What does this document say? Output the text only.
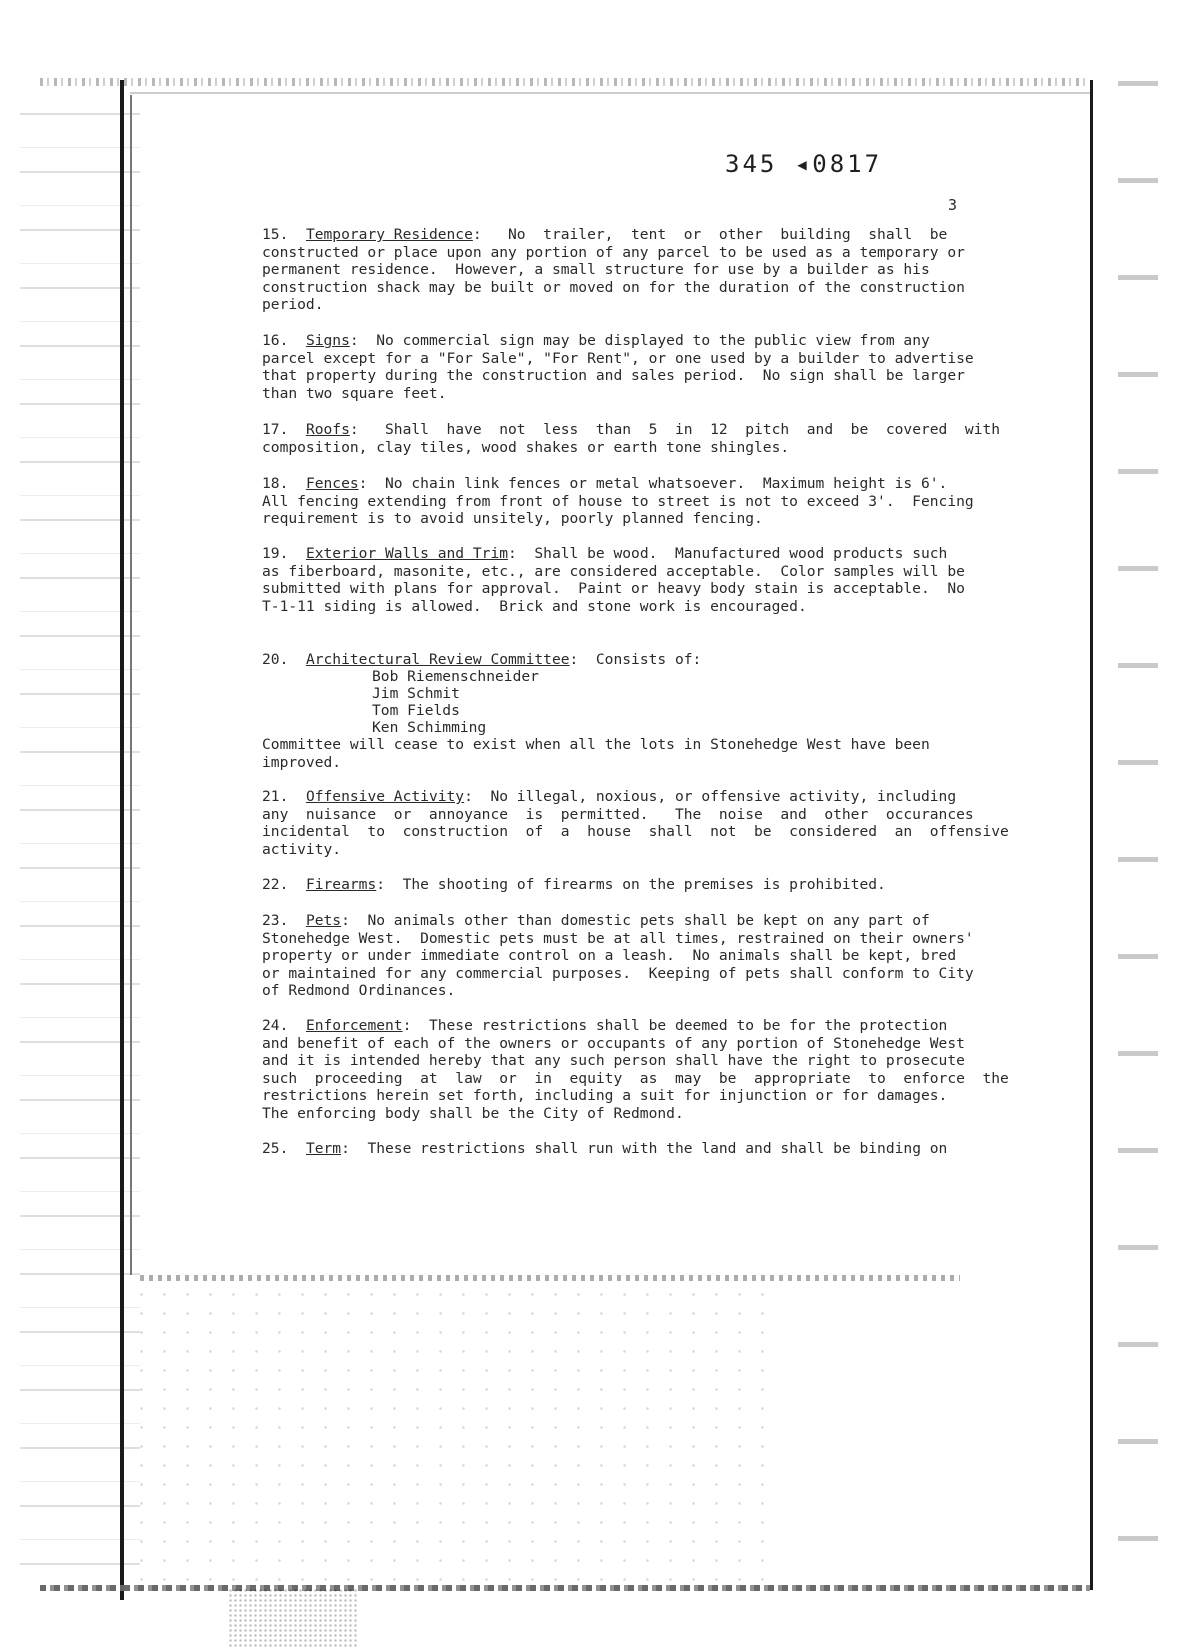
345 ◂0817
3
15. Temporary Residence:   No  trailer,  tent  or  other  building  shall  be
constructed or place upon any portion of any parcel to be used as a temporary or
permanent residence.  However, a small structure for use by a builder as his
construction shack may be built or moved on for the duration of the construction
period.
16. Signs:  No commercial sign may be displayed to the public view from any
parcel except for a "For Sale", "For Rent", or one used by a builder to advertise
that property during the construction and sales period.  No sign shall be larger
than two square feet.
17. Roofs:   Shall  have  not  less  than  5  in  12  pitch  and  be  covered  with
composition, clay tiles, wood shakes or earth tone shingles.
18. Fences:  No chain link fences or metal whatsoever.  Maximum height is 6'.
All fencing extending from front of house to street is not to exceed 3'.  Fencing
requirement is to avoid unsitely, poorly planned fencing.
19. Exterior Walls and Trim:  Shall be wood.  Manufactured wood products such
as fiberboard, masonite, etc., are considered acceptable.  Color samples will be
submitted with plans for approval.  Paint or heavy body stain is acceptable.  No
T-1-11 siding is allowed.  Brick and stone work is encouraged.
20. Architectural Review Committee:  Consists of:
Bob Riemenschneider
Jim Schmit
Tom Fields
Ken Schimming
Committee will cease to exist when all the lots in Stonehedge West have been
improved.
21. Offensive Activity:  No illegal, noxious, or offensive activity, including
any  nuisance  or  annoyance  is  permitted.   The  noise  and  other  occurances
incidental  to  construction  of  a  house  shall  not  be  considered  an  offensive
activity.
22. Firearms:  The shooting of firearms on the premises is prohibited.
23. Pets:  No animals other than domestic pets shall be kept on any part of
Stonehedge West.  Domestic pets must be at all times, restrained on their owners'
property or under immediate control on a leash.  No animals shall be kept, bred
or maintained for any commercial purposes.  Keeping of pets shall conform to City
of Redmond Ordinances.
24. Enforcement:  These restrictions shall be deemed to be for the protection
and benefit of each of the owners or occupants of any portion of Stonehedge West
and it is intended hereby that any such person shall have the right to prosecute
such  proceeding  at  law  or  in  equity  as  may  be  appropriate  to  enforce  the
restrictions herein set forth, including a suit for injunction or for damages.
The enforcing body shall be the City of Redmond.
25. Term:  These restrictions shall run with the land and shall be binding on
